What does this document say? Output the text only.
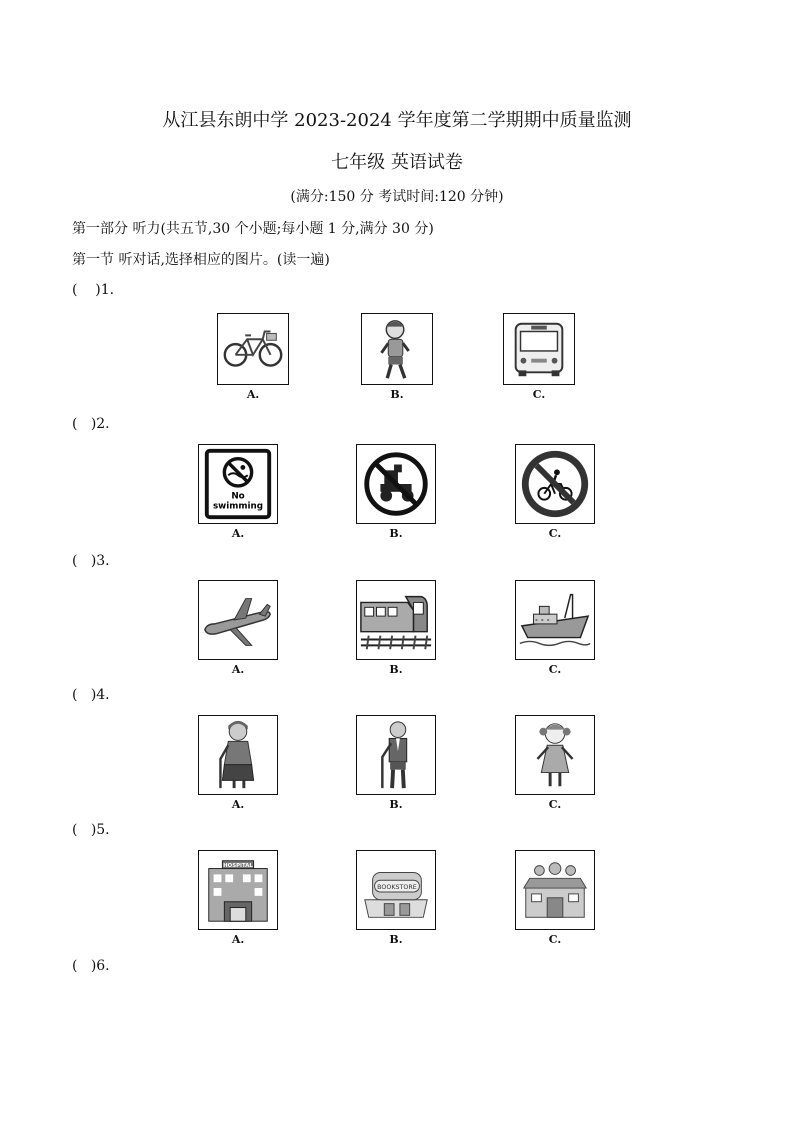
从江县东朗中学 2023-2024 学年度第二学期期中质量监测
七年级 英语试卷
(满分:150 分 考试时间:120 分钟)
第一部分 听力(共五节,30 个小题;每小题 1 分,满分 30 分)
第一节 听对话,选择相应的图片。(读一遍)
(    )1.
A.	B.	C.
(   )2.
No
swimming
A.	B.	C.
(   )3.
A.	B.	C.
(   )4.
A.	B.	C.
(   )5.
HOSPITAL
A.
BOOKSTORE
B.	C.
(   )6.
